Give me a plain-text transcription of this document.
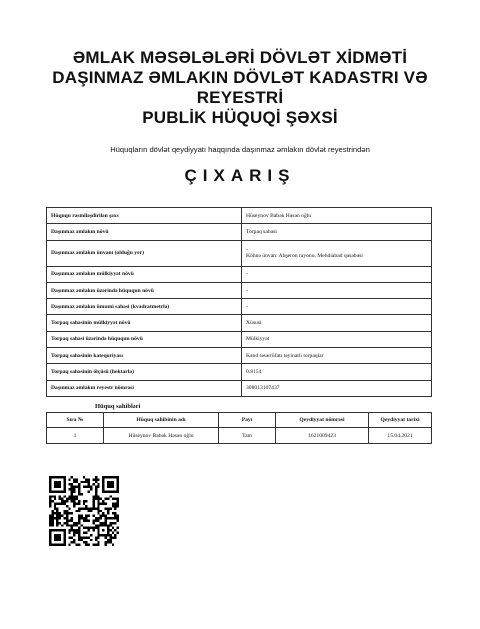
ƏMLAK MƏSƏLƏLƏRİ DÖVLƏT XİDMƏTİ
DAŞINMAZ ƏMLAKIN DÖVLƏT KADASTRI VƏ
REYESTRİ
PUBLİK HÜQUQİ ŞƏXSİ
Hüquqların dövlət qeydiyyatı haqqında daşınmaz əmlakın dövlət reyestrindən
ÇIXARIŞ
Hüququ rəsmiləşdirilən şəxs	Hüseynov Babək Həsən oğlu
Daşınmaz əmlakın növü	Torpaq sahəsi
Daşınmaz əmlakın ünvanı (olduğu yer)	-
Köhnə ünvan: Abşeron rayonu, Mehdiabad qəsəbəsi

Daşınmaz əmlakın mülkiyyət növü	-
Daşınmaz əmlakın üzərində hüququn növü	-
Daşınmaz əmlakın ümumi sahəsi (kvadratmetrlə)	-
Torpaq sahəsinin mülkiyyət növü	Xüsusi
Torpaq sahəsi üzərində hüququn növü	Mülkiyyət
Torpaq sahəsinin kateqoriyası	Kənd təsərrüfatı təyinatlı torpaqlar
Torpaq sahəsinin ölçüsü (hektarla)	0.8154
Daşınmaz əmlakın reyestr nömrəsi	308013107437
Hüquq sahibləri
Sıra №	Hüquq sahibinin adı	Payı	Qeydiyyat nömrəsi	Qeydiyyat tarixi
1	Hüseynov Babək Həsən oğlu	Tam	1621009423	15.04.2021
